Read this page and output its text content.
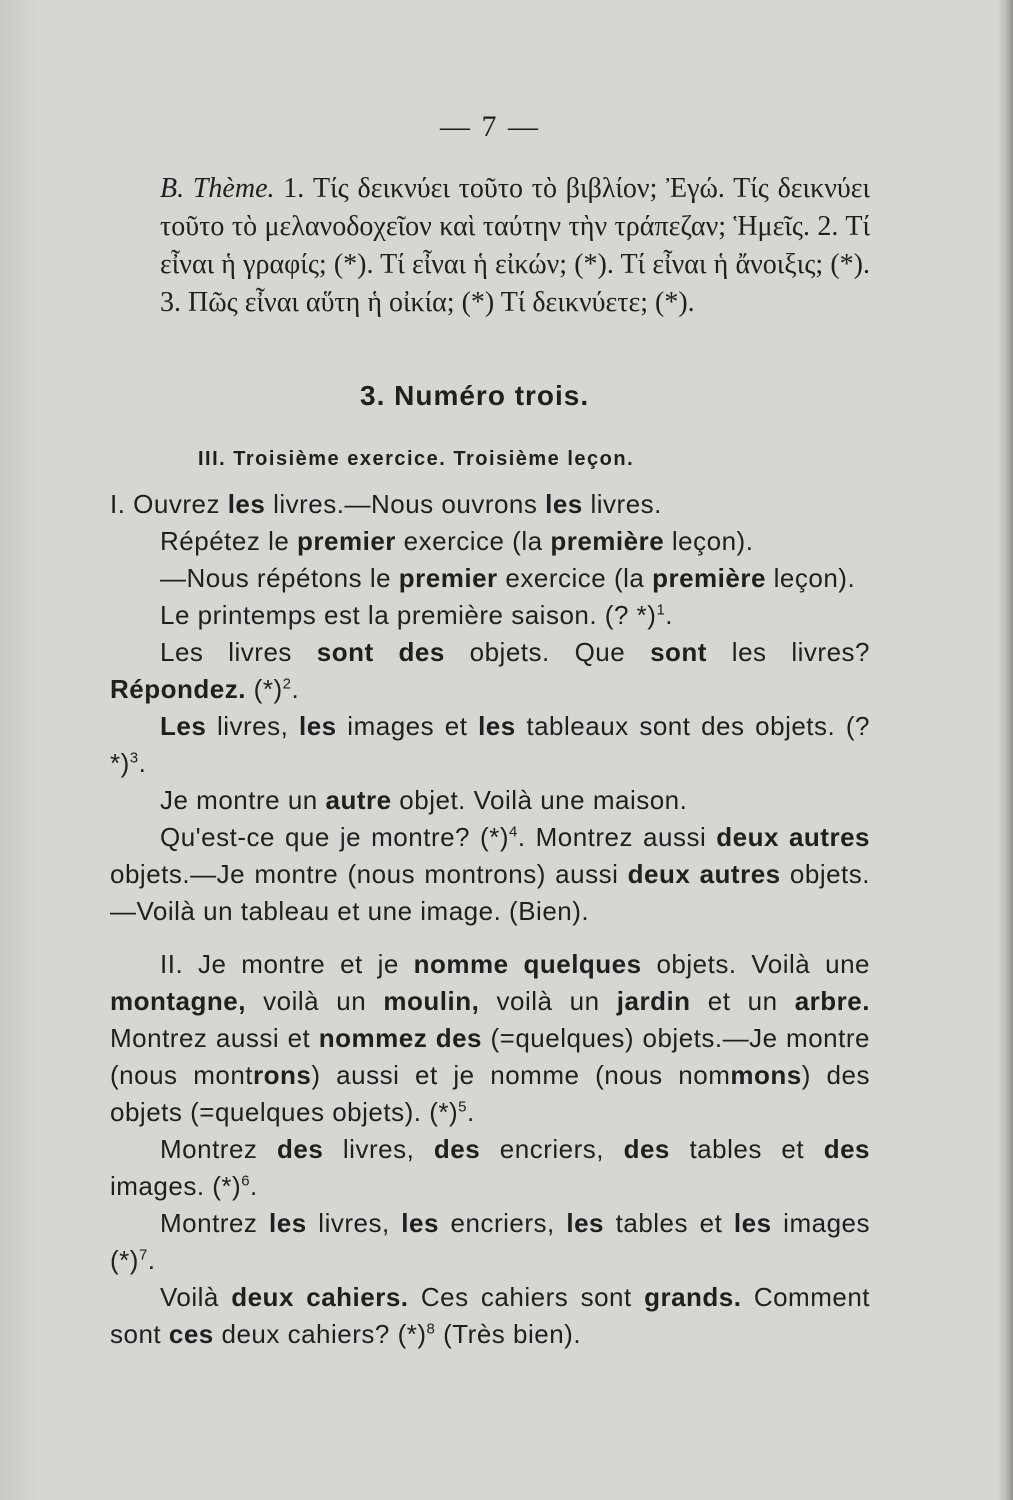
— 7 —
B. Thème. 1. Τίς δεικνύει τοῦτο τὸ βιβλίον; Ἐγώ. Τίς δεικνύει τοῦτο τὸ μελανοδοχεῖον καὶ ταύτην τὴν τράπεζαν; Ἡμεῖς. 2. Τί εἶναι ἡ γραφίς; (*). Τί εἶναι ἡ εἰκών; (*). Τί εἶναι ἡ ἄνοιξις; (*). 3. Πῶς εἶναι αὕτη ἡ οἰκία; (*) Τί δεικνύετε; (*).
3. Numéro trois.
III. Troisième exercice. Troisième leçon.

I. Ouvrez les livres.—Nous ouvrons les livres.

Répétez le premier exercice (la première leçon).

—Nous répétons le premier exercice (la première leçon).

Le printemps est la première saison. (? *)$^1$.

Les livres sont des objets. Que sont les livres? Répondez. $(*)^2$.

Les livres, les images et les tableaux sont des objets. (? *)$^3$.

Je montre un autre objet. Voilà une maison.

Qu'est-ce que je montre? $(*)^4$. Montrez aussi deux autres objets.—Je montre (nous montrons) aussi deux autres objets.—Voilà un tableau et une image. (Bien).

II. Je montre et je nomme quelques objets. Voilà une montagne, voilà un moulin, voilà un jardin et un arbre. Montrez aussi et nommez des (=quelques) objets.—Je montre (nous montrons) aussi et je nomme (nous nommons) des objets (=quelques objets). $(*)^5$.

Montrez des livres, des encriers, des tables et des images. $(*)^6$.

Montrez les livres, les encriers, les tables et les images $(*)^7$.

Voilà deux cahiers. Ces cahiers sont grands. Comment sont ces deux cahiers? $(*)^8$ (Très bien).
